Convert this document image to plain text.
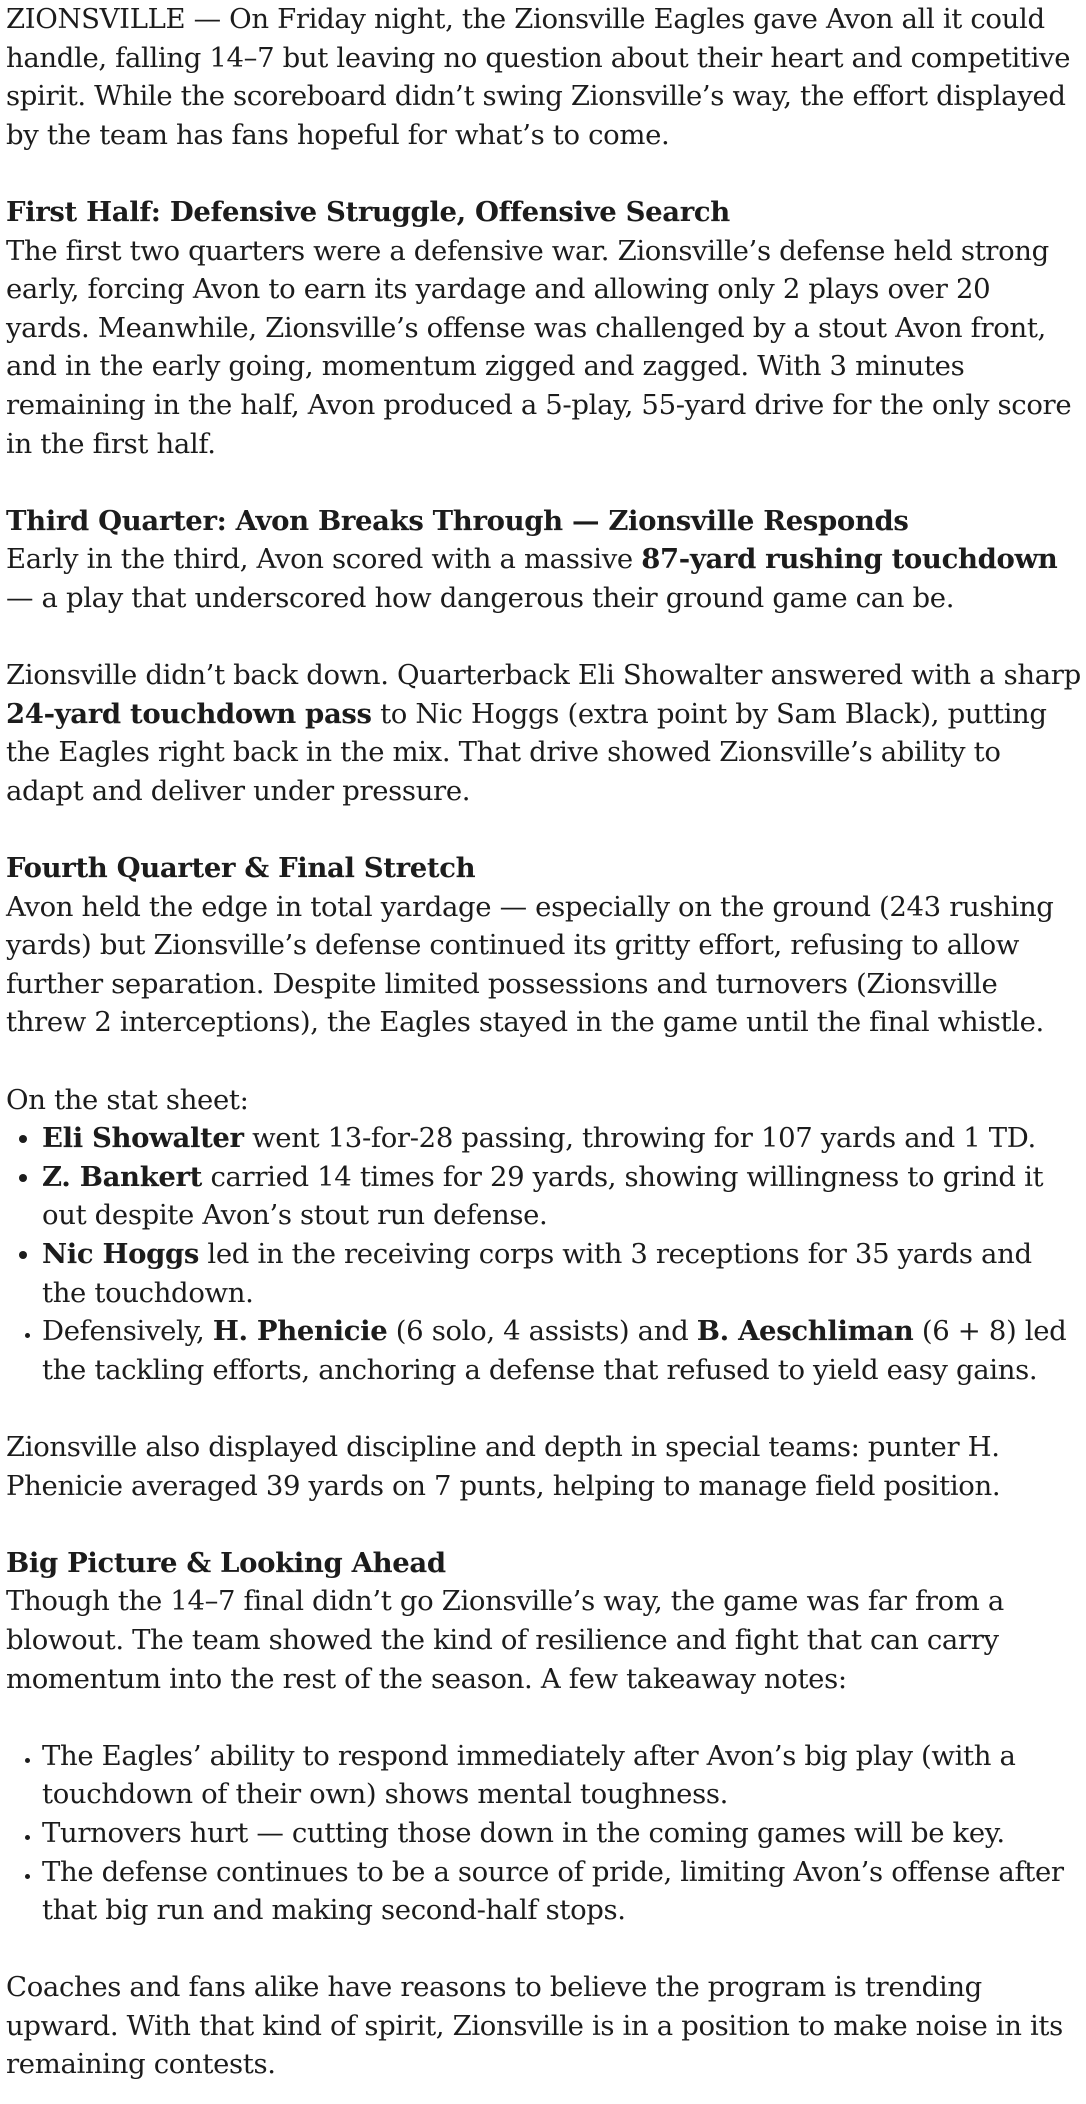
ZIONSVILLE — On Friday night, the Zionsville Eagles gave Avon all it could handle, falling 14–7 but leaving no question about their heart and competitive spirit. While the scoreboard didn’t swing Zionsville’s way, the effort displayed by the team has fans hopeful for what’s to come.

First Half: Defensive Struggle, Offensive Search

The first two quarters were a defensive war. Zionsville’s defense held strong early, forcing Avon to earn its yardage and allowing only 2 plays over 20 yards. Meanwhile, Zionsville’s offense was challenged by a stout Avon front, and in the early going, momentum zigged and zagged. With 3 minutes remaining in the half, Avon produced a 5-play, 55-yard drive for the only score in the first half.

Third Quarter: Avon Breaks Through — Zionsville Responds

Early in the third, Avon scored with a massive 87-yard rushing touchdown — a play that underscored how dangerous their ground game can be.

Zionsville didn’t back down. Quarterback Eli Showalter answered with a sharp 24-yard touchdown pass to Nic Hoggs (extra point by Sam Black), putting the Eagles right back in the mix. That drive showed Zionsville’s ability to adapt and deliver under pressure.

Fourth Quarter & Final Stretch

Avon held the edge in total yardage — especially on the ground (243 rushing yards) but Zionsville’s defense continued its gritty effort, refusing to allow further separation. Despite limited possessions and turnovers (Zionsville threw 2 interceptions), the Eagles stayed in the game until the final whistle.

On the stat sheet:

• Eli Showalter went 13-for-28 passing, throwing for 107 yards and 1 TD.
• Z. Bankert carried 14 times for 29 yards, showing willingness to grind it out despite Avon’s stout run defense.
• Nic Hoggs led in the receiving corps with 3 receptions for 35 yards and the touchdown.
• Defensively, H. Phenicie (6 solo, 4 assists) and B. Aeschliman (6 + 8) led the tackling efforts, anchoring a defense that refused to yield easy gains.

Zionsville also displayed discipline and depth in special teams: punter H. Phenicie averaged 39 yards on 7 punts, helping to manage field position.

Big Picture & Looking Ahead

Though the 14–7 final didn’t go Zionsville’s way, the game was far from a blowout. The team showed the kind of resilience and fight that can carry momentum into the rest of the season. A few takeaway notes:

• The Eagles’ ability to respond immediately after Avon’s big play (with a touchdown of their own) shows mental toughness.
• Turnovers hurt — cutting those down in the coming games will be key.
• The defense continues to be a source of pride, limiting Avon’s offense after that big run and making second-half stops.

Coaches and fans alike have reasons to believe the program is trending upward. With that kind of spirit, Zionsville is in a position to make noise in its remaining contests.
